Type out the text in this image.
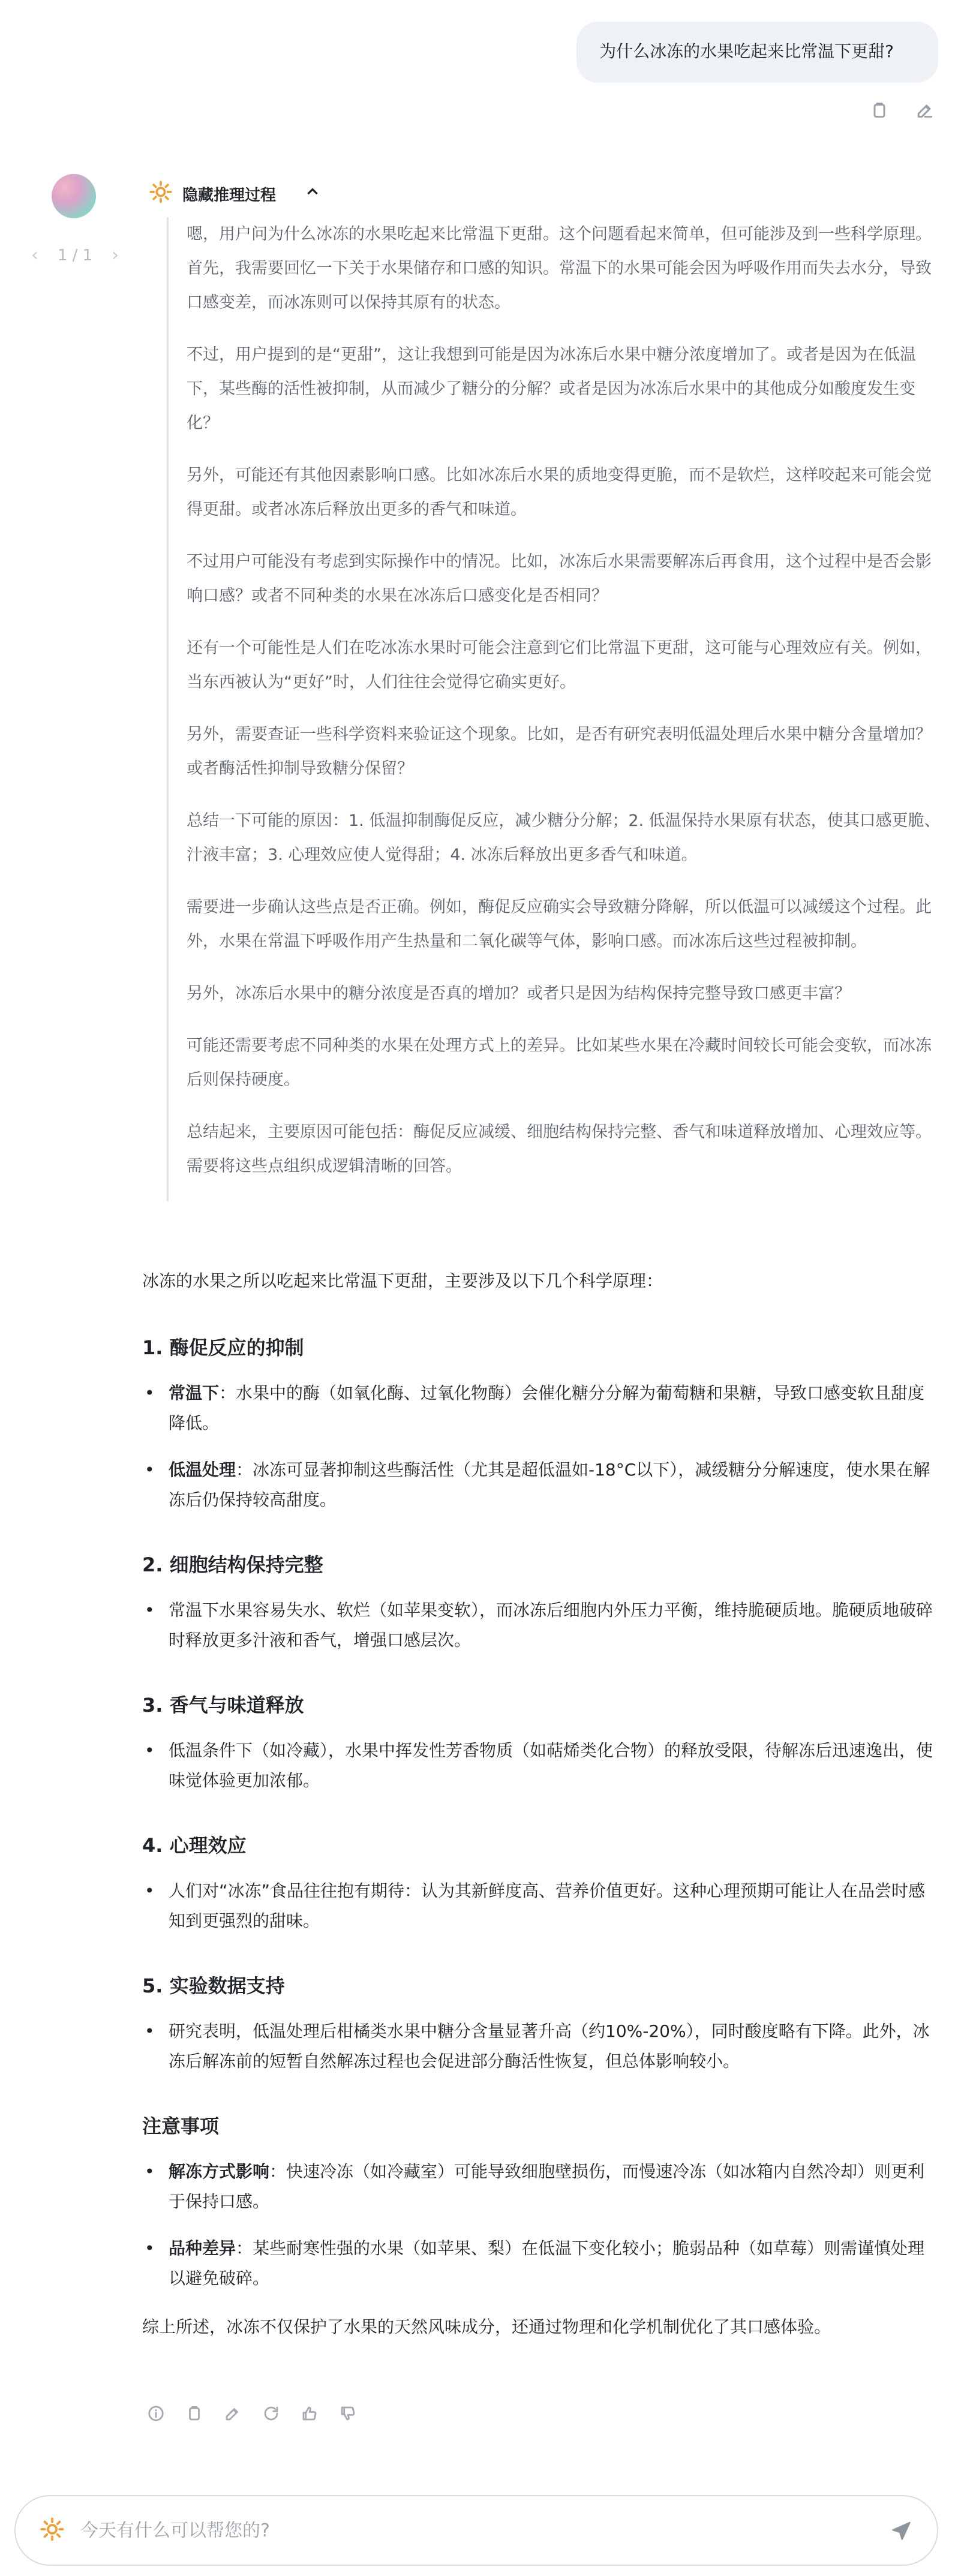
为什么冰冻的水果吃起来比常温下更甜?
‹ 1 / 1 ›
隐藏推理过程

嗯，用户问为什么冰冻的水果吃起来比常温下更甜。这个问题看起来简单，但可能涉及到一些科学原理。首先，我需要回忆一下关于水果储存和口感的知识。常温下的水果可能会因为呼吸作用而失去水分，导致口感变差，而冰冻则可以保持其原有的状态。

不过，用户提到的是“更甜”，这让我想到可能是因为冰冻后水果中糖分浓度增加了。或者是因为在低温下，某些酶的活性被抑制，从而减少了糖分的分解？或者是因为冰冻后水果中的其他成分如酸度发生变化？

另外，可能还有其他因素影响口感。比如冰冻后水果的质地变得更脆，而不是软烂，这样咬起来可能会觉得更甜。或者冰冻后释放出更多的香气和味道。

不过用户可能没有考虑到实际操作中的情况。比如，冰冻后水果需要解冻后再食用，这个过程中是否会影响口感？或者不同种类的水果在冰冻后口感变化是否相同？

还有一个可能性是人们在吃冰冻水果时可能会注意到它们比常温下更甜，这可能与心理效应有关。例如，当东西被认为“更好”时，人们往往会觉得它确实更好。

另外，需要查证一些科学资料来验证这个现象。比如，是否有研究表明低温处理后水果中糖分含量增加？或者酶活性抑制导致糖分保留？

总结一下可能的原因：1. 低温抑制酶促反应，减少糖分分解；2. 低温保持水果原有状态，使其口感更脆、汁液丰富；3. 心理效应使人觉得甜；4. 冰冻后释放出更多香气和味道。

需要进一步确认这些点是否正确。例如，酶促反应确实会导致糖分降解，所以低温可以减缓这个过程。此外，水果在常温下呼吸作用产生热量和二氧化碳等气体，影响口感。而冰冻后这些过程被抑制。

另外，冰冻后水果中的糖分浓度是否真的增加？或者只是因为结构保持完整导致口感更丰富？

可能还需要考虑不同种类的水果在处理方式上的差异。比如某些水果在冷藏时间较长可能会变软，而冰冻后则保持硬度。

总结起来，主要原因可能包括：酶促反应减缓、细胞结构保持完整、香气和味道释放增加、心理效应等。需要将这些点组织成逻辑清晰的回答。

冰冻的水果之所以吃起来比常温下更甜，主要涉及以下几个科学原理：

1. 酶促反应的抑制
• 常温下：水果中的酶（如氧化酶、过氧化物酶）会催化糖分分解为葡萄糖和果糖，导致口感变软且甜度降低。
• 低温处理：冰冻可显著抑制这些酶活性（尤其是超低温如-18°C以下），减缓糖分分解速度，使水果在解冻后仍保持较高甜度。
2. 细胞结构保持完整
• 常温下水果容易失水、软烂（如苹果变软），而冰冻后细胞内外压力平衡，维持脆硬质地。脆硬质地破碎时释放更多汁液和香气，增强口感层次。
3. 香气与味道释放
• 低温条件下（如冷藏），水果中挥发性芳香物质（如萜烯类化合物）的释放受限，待解冻后迅速逸出，使味觉体验更加浓郁。
4. 心理效应
• 人们对“冰冻”食品往往抱有期待：认为其新鲜度高、营养价值更好。这种心理预期可能让人在品尝时感知到更强烈的甜味。
5. 实验数据支持
• 研究表明，低温处理后柑橘类水果中糖分含量显著升高（约10%-20%），同时酸度略有下降。此外，冰冻后解冻前的短暂自然解冻过程也会促进部分酶活性恢复，但总体影响较小。
注意事项
• 解冻方式影响：快速冷冻（如冷藏室）可能导致细胞壁损伤，而慢速冷冻（如冰箱内自然冷却）则更利于保持口感。
• 品种差异：某些耐寒性强的水果（如苹果、梨）在低温下变化较小；脆弱品种（如草莓）则需谨慎处理以避免破碎。

综上所述，冰冻不仅保护了水果的天然风味成分，还通过物理和化学机制优化了其口感体验。

今天有什么可以帮您的?
